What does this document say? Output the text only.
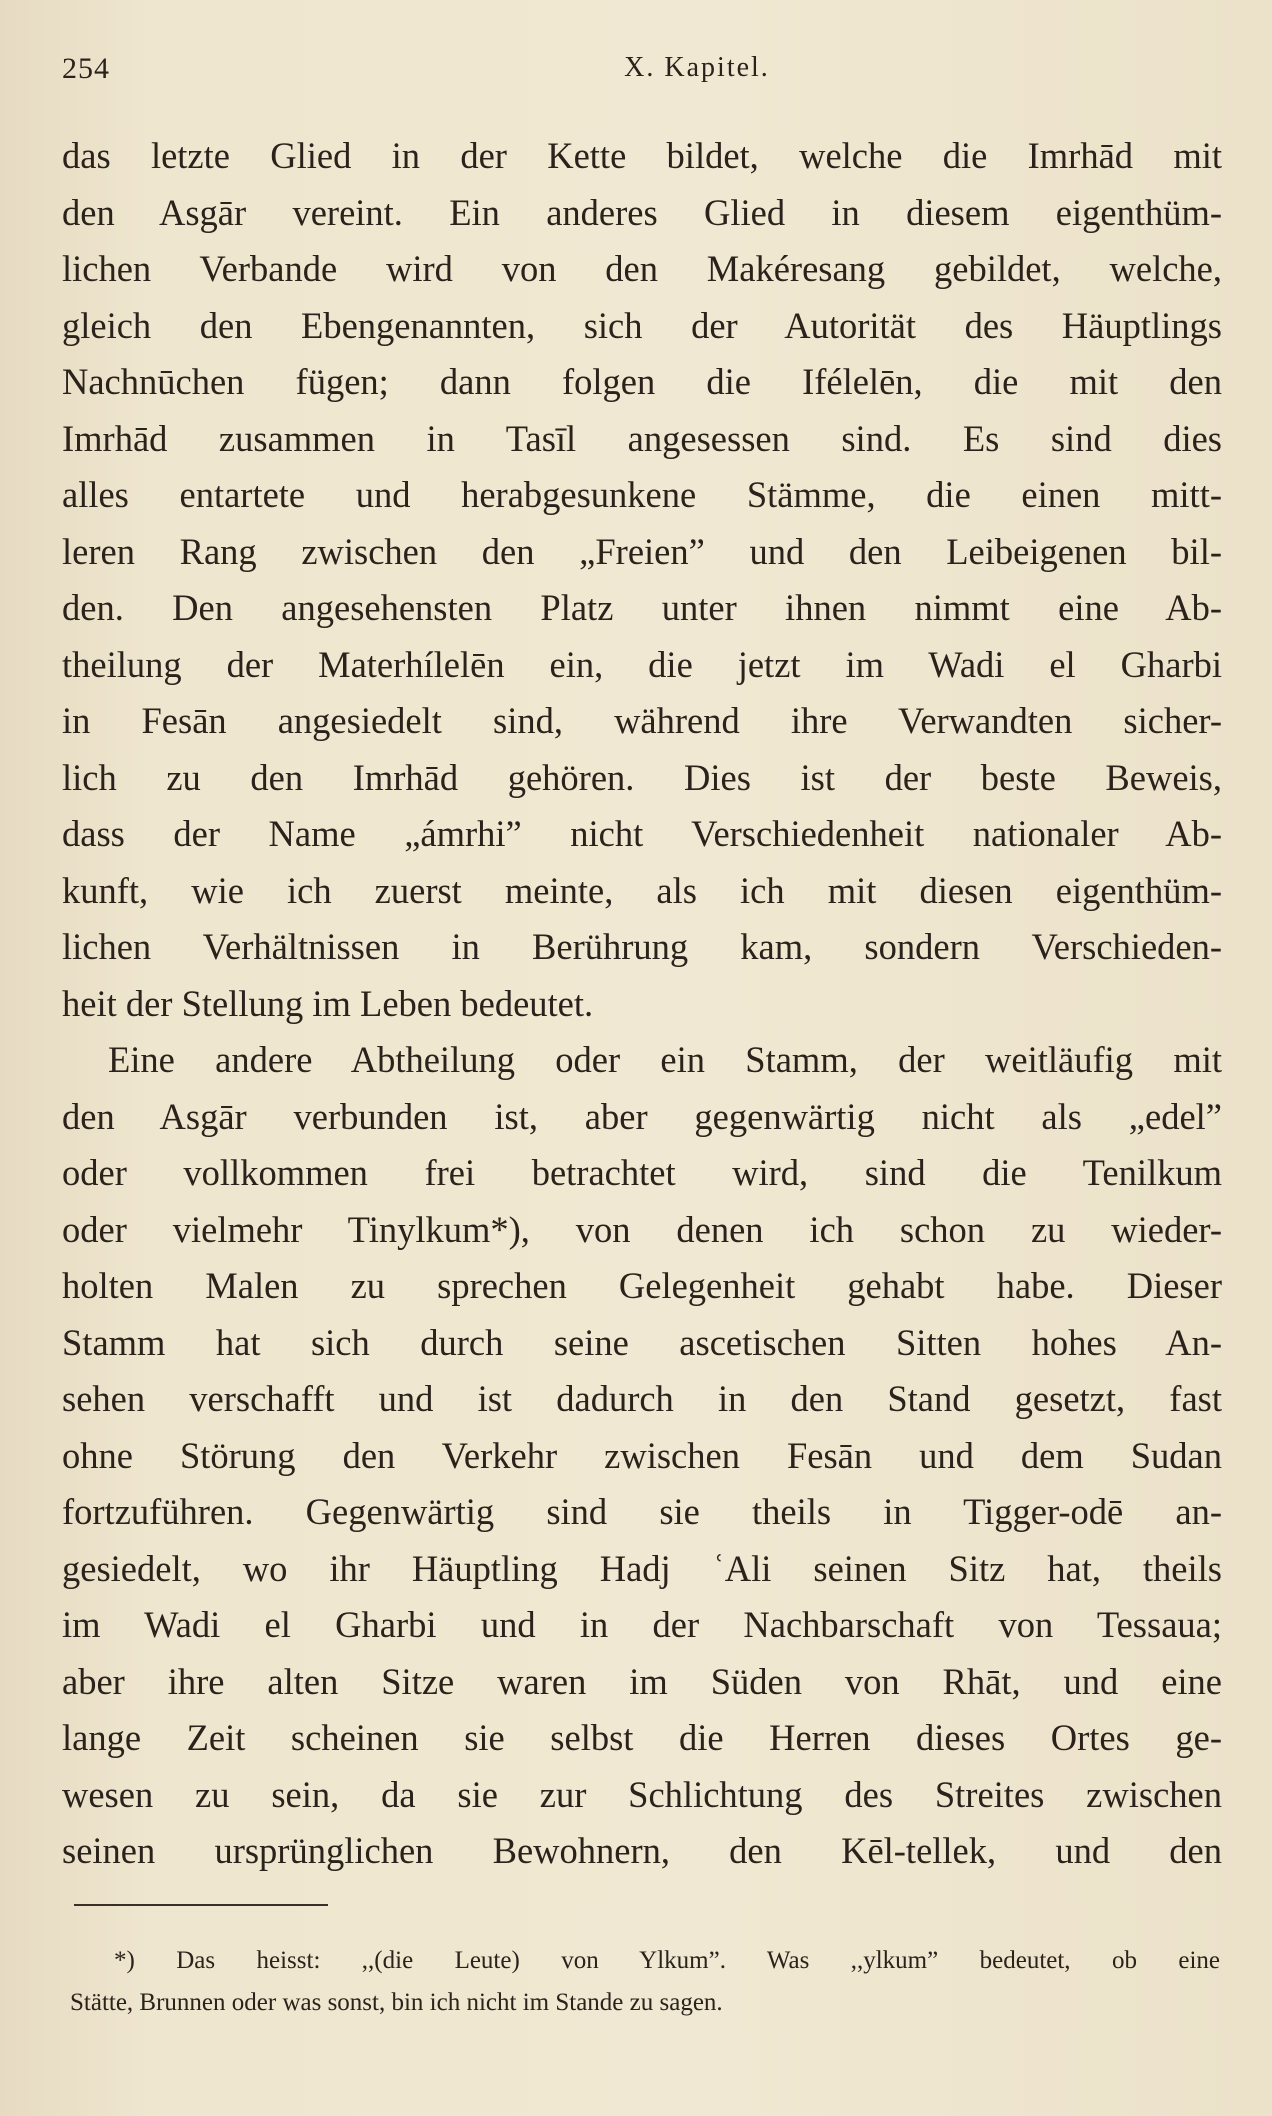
254	X. Kapitel.
das letzte Glied in der Kette bildet, welche die Imrhād mit
den Asgār vereint. Ein anderes Glied in diesem eigenthüm-
lichen Verbande wird von den Makéresang gebildet, welche,
gleich den Ebengenannten, sich der Autorität des Häuptlings
Nachnūchen fügen; dann folgen die Ifélelēn, die mit den
Imrhād zusammen in Tasīl angesessen sind. Es sind dies
alles entartete und herabgesunkene Stämme, die einen mitt-
leren Rang zwischen den „Freien” und den Leibeigenen bil-
den. Den angesehensten Platz unter ihnen nimmt eine Ab-
theilung der Materhílelēn ein, die jetzt im Wadi el Gharbi
in Fesān angesiedelt sind, während ihre Verwandten sicher-
lich zu den Imrhād gehören. Dies ist der beste Beweis,
dass der Name „ámrhi” nicht Verschiedenheit nationaler Ab-
kunft, wie ich zuerst meinte, als ich mit diesen eigenthüm-
lichen Verhältnissen in Berührung kam, sondern Verschieden-
heit der Stellung im Leben bedeutet.
Eine andere Abtheilung oder ein Stamm, der weitläufig mit
den Asgār verbunden ist, aber gegenwärtig nicht als „edel”
oder vollkommen frei betrachtet wird, sind die Tenilkum
oder vielmehr Tinylkum*), von denen ich schon zu wieder-
holten Malen zu sprechen Gelegenheit gehabt habe. Dieser
Stamm hat sich durch seine ascetischen Sitten hohes An-
sehen verschafft und ist dadurch in den Stand gesetzt, fast
ohne Störung den Verkehr zwischen Fesān und dem Sudan
fortzuführen. Gegenwärtig sind sie theils in Tigger-odē an-
gesiedelt, wo ihr Häuptling Hadj ʿAli seinen Sitz hat, theils
im Wadi el Gharbi und in der Nachbarschaft von Tessaua;
aber ihre alten Sitze waren im Süden von Rhāt, und eine
lange Zeit scheinen sie selbst die Herren dieses Ortes ge-
wesen zu sein, da sie zur Schlichtung des Streites zwischen
seinen ursprünglichen Bewohnern, den Kēl-tellek, und den
*) Das heisst: ,,(die Leute) von Ylkum”. Was ,,ylkum” bedeutet, ob eine
Stätte, Brunnen oder was sonst, bin ich nicht im Stande zu sagen.
